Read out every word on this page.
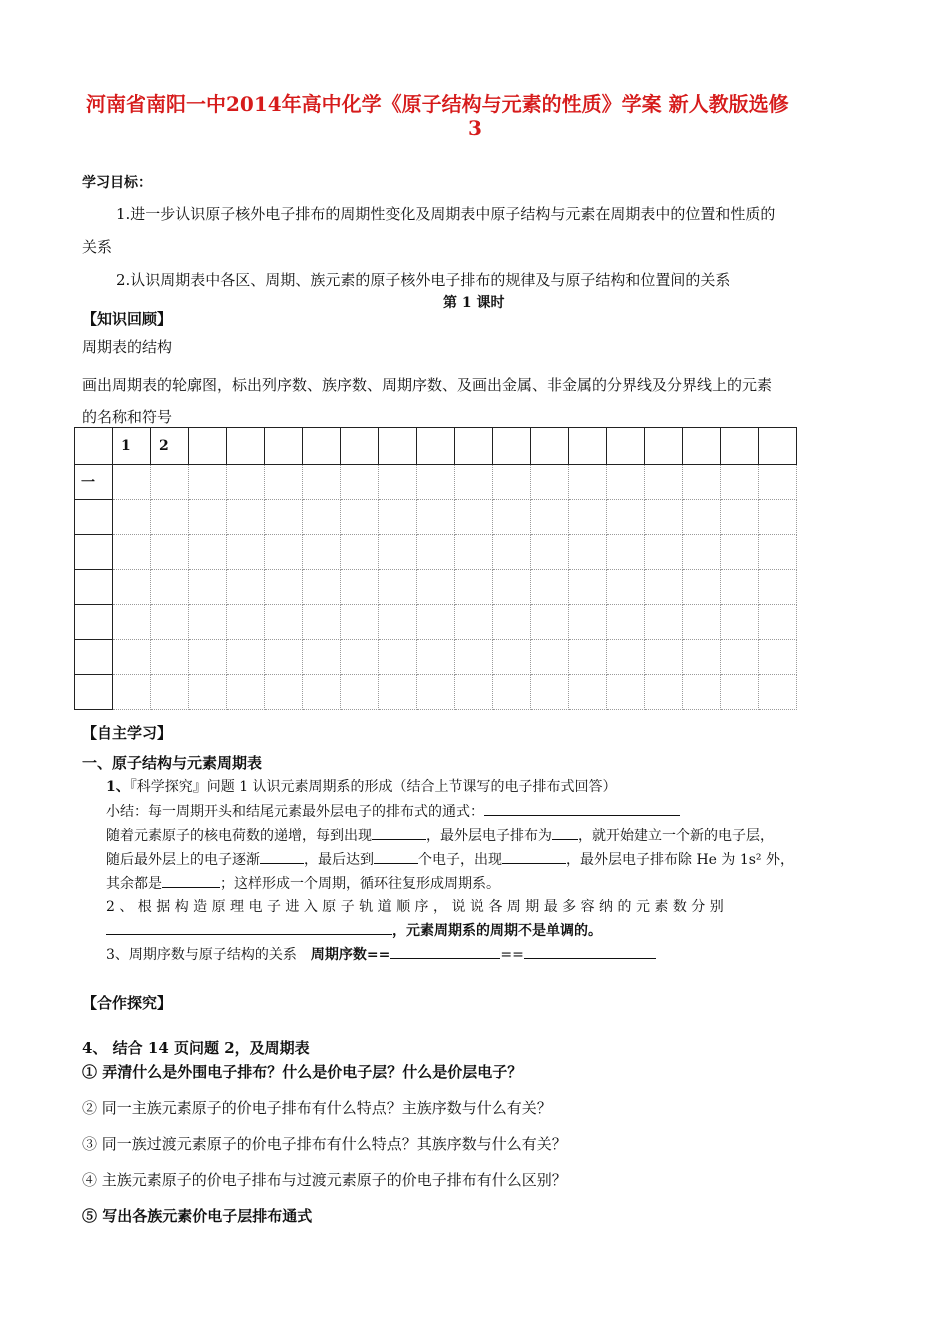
河南省南阳一中2014年高中化学《原子结构与元素的性质》学案 新人教版选修
3
学习目标：
1.进一步认识原子核外电子排布的周期性变化及周期表中原子结构与元素在周期表中的位置和性质的
关系
2.认识周期表中各区、周期、族元素的原子核外电子排布的规律及与原子结构和位置间的关系
第 1 课时
【知识回顾】
周期表的结构
画出周期表的轮廓图，标出列序数、族序数、周期序数、及画出金属、非金属的分界线及分界线上的元素
的名称和符号
	1	2																
一																		

【自主学习】
一、原子结构与元素周期表
1、『科学探究』问题 1 认识元素周期系的形成（结合上节课写的电子排布式回答）
小结：每一周期开头和结尾元素最外层电子的排布式的通式：
随着元素原子的核电荷数的递增，每到出现	，最外层电子排布为 ，就开始建立一个新的电子层，
随后最外层上的电子逐渐	，最后达到	个电子，出现	，最外层电子排布除 He 为 1s² 外，
其余都是	；这样形成一个周期，循环往复形成周期系。
2 、 根 据 构 造 原 理 电 子 进 入 原 子 轨 道 顺 序 ， 说 说 各 周 期 最 多 容 纳 的 元 素 数 分 别
，元素周期系的周期不是单调的。
3、周期序数与原子结构的关系 周期序数==	==
【合作探究】
4、 结合 14 页问题 2，及周期表
① 弄清什么是外围电子排布？什么是价电子层？什么是价层电子？
② 同一主族元素原子的价电子排布有什么特点？主族序数与什么有关？
③ 同一族过渡元素原子的价电子排布有什么特点？其族序数与什么有关？
④ 主族元素原子的价电子排布与过渡元素原子的价电子排布有什么区别？
⑤ 写出各族元素价电子层排布通式
